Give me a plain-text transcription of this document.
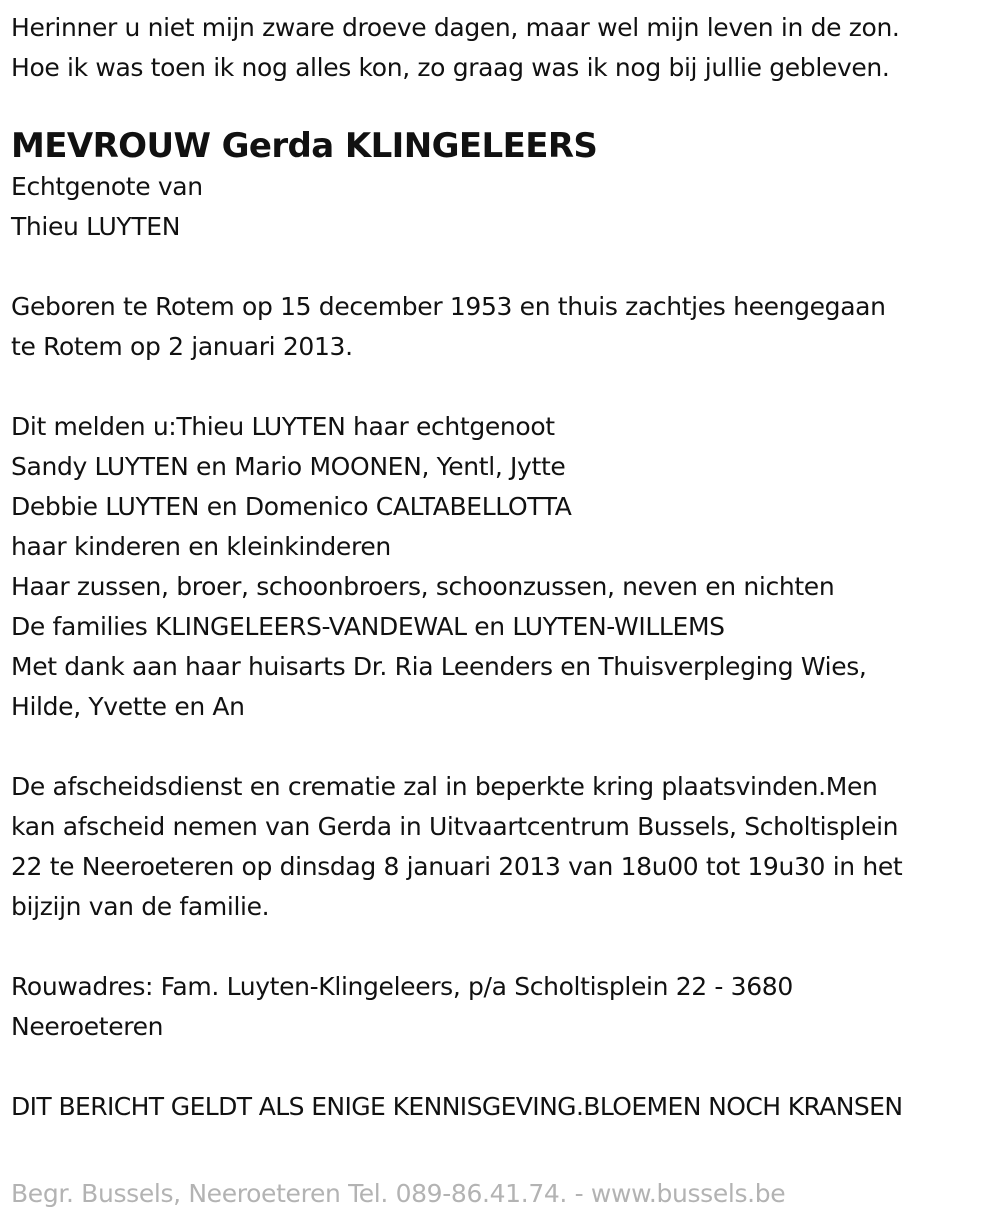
Herinner u niet mijn zware droeve dagen, maar wel mijn leven in de zon.
Hoe ik was toen ik nog alles kon, zo graag was ik nog bij jullie gebleven.
MEVROUW Gerda KLINGELEERS
Echtgenote van
Thieu LUYTEN
Geboren te Rotem op 15 december 1953 en thuis zachtjes heengegaan
te Rotem op 2 januari 2013.
Dit melden u:Thieu LUYTEN haar echtgenoot
Sandy LUYTEN en Mario MOONEN, Yentl, Jytte
Debbie LUYTEN en Domenico CALTABELLOTTA
haar kinderen en kleinkinderen
Haar zussen, broer, schoonbroers, schoonzussen, neven en nichten
De families KLINGELEERS-VANDEWAL en LUYTEN-WILLEMS
Met dank aan haar huisarts Dr. Ria Leenders en Thuisverpleging Wies,
Hilde, Yvette en An
De afscheidsdienst en crematie zal in beperkte kring plaatsvinden.Men
kan afscheid nemen van Gerda in Uitvaartcentrum Bussels, Scholtisplein
22 te Neeroeteren op dinsdag 8 januari 2013 van 18u00 tot 19u30 in het
bijzijn van de familie.
Rouwadres: Fam. Luyten-Klingeleers, p/a Scholtisplein 22 - 3680
Neeroeteren
DIT BERICHT GELDT ALS ENIGE KENNISGEVING.BLOEMEN NOCH KRANSEN
Begr. Bussels, Neeroeteren Tel. 089-86.41.74. - www.bussels.be
